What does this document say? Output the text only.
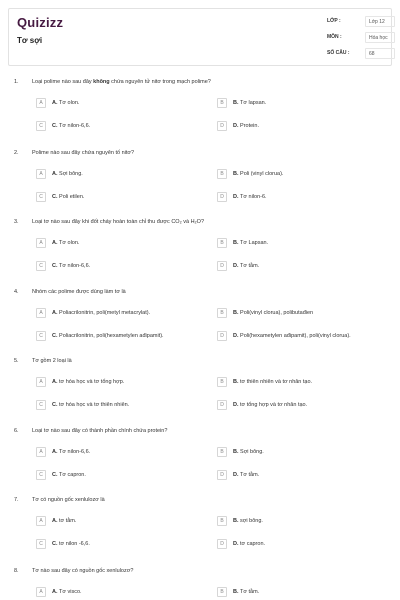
Quizizz
Tơ sợi
LỚP :	Lớp 12
MÔN :	Hóa học
SỐ CÂU :	68
1. Loại polime nào sau đây không chứa nguyên tử nitơ trong mạch polime?
A	A. Tơ olon.	B	B. Tơ lapsan.
C	C. Tơ nilon-6,6.	D	D. Protein.
2. Polime nào sau đây chứa nguyên tố nitơ?
A	A. Sợi bông.	B	B. Poli (vinyl clorua).
C	C. Poli etilen.	D	D. Tơ nilon-6.
3. Loại tơ nào sau đây khi đốt cháy hoàn toàn chỉ thu được CO₂ và H₂O?
A	A. Tơ olon.	B	B. Tơ Lapsan.
C	C. Tơ nilon-6,6.	D	D. Tơ tằm.
4. Nhóm các polime được dùng làm tơ là
A	A. Poliacrilonitrin, poli(metyl metacrylat).	B	B. Poli(vinyl clorua), polibutađien
C	C. Poliacrilonitrin, poli(hexametylen ađipamit).	D	D. Poli(hexametylen ađipamit), poli(vinyl clorua).
5. Tơ gồm 2 loại là
A	A. tơ hóa học và tơ tổng hợp.	B	B. tơ thiên nhiên và tơ nhân tạo.
C	C. tơ hóa học và tơ thiên nhiên.	D	D. tơ tổng hợp và tơ nhân tạo.
6. Loại tơ nào sau đây có thành phần chính chứa protein?
A	A. Tơ nilon-6,6.	B	B. Sợi bông.
C	C. Tơ capron.	D	D. Tơ tằm.
7. Tơ có nguồn gốc xenlulozơ là
A	A. tơ tằm.	B	B. sợi bông.
C	C. tơ nilon -6,6.	D	D. tơ capron.
8. Tơ nào sau đây có nguồn gốc xenlulozơ?
A	A. Tơ visco.	B	B. Tơ tằm.
